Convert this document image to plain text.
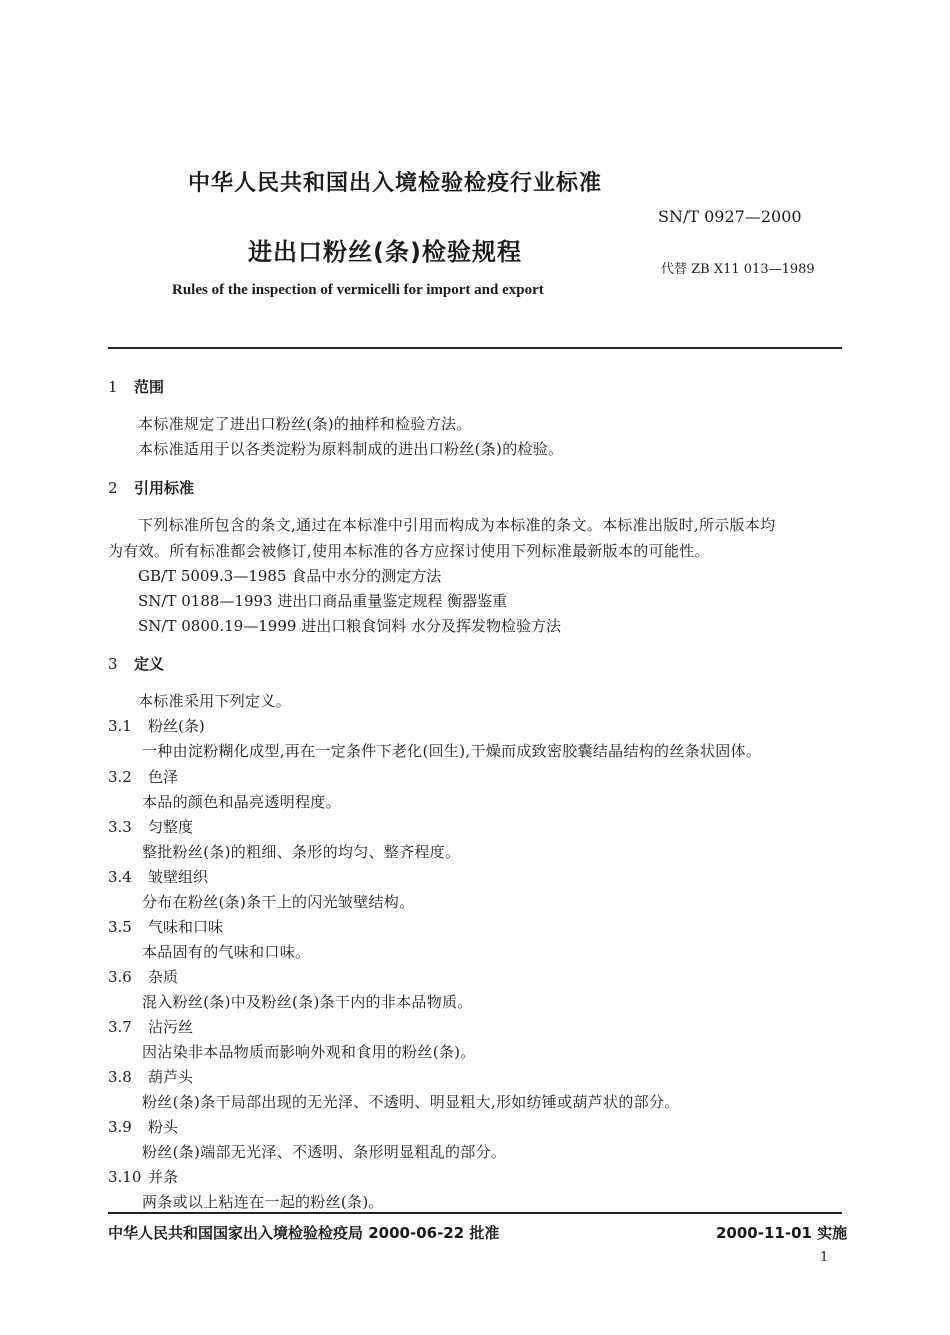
中华人民共和国出入境检验检疫行业标准
SN/T 0927—2000
进出口粉丝(条)检验规程
代替 ZB X11 013—1989
Rules of the inspection of vermicelli for import and export
1 范围
本标准规定了进出口粉丝(条)的抽样和检验方法。
本标准适用于以各类淀粉为原料制成的进出口粉丝(条)的检验。
2 引用标准
下列标准所包含的条文,通过在本标准中引用而构成为本标准的条文。本标准出版时,所示版本均
为有效。所有标准都会被修订,使用本标准的各方应探讨使用下列标准最新版本的可能性。
GB/T 5009.3—1985 食品中水分的测定方法
SN/T 0188—1993 进出口商品重量鉴定规程 衡器鉴重
SN/T 0800.19—1999 进出口粮食饲料 水分及挥发物检验方法
3 定义
本标准采用下列定义。
3.1 粉丝(条)
一种由淀粉糊化成型,再在一定条件下老化(回生),干燥而成致密胶囊结晶结构的丝条状固体。
3.2 色泽
本品的颜色和晶亮透明程度。
3.3 匀整度
整批粉丝(条)的粗细、条形的均匀、整齐程度。
3.4 皱壁组织
分布在粉丝(条)条干上的闪光皱壁结构。
3.5 气味和口味
本品固有的气味和口味。
3.6 杂质
混入粉丝(条)中及粉丝(条)条干内的非本品物质。
3.7 沾污丝
因沾染非本品物质而影响外观和食用的粉丝(条)。
3.8 葫芦头
粉丝(条)条干局部出现的无光泽、不透明、明显粗大,形如纺锤或葫芦状的部分。
3.9 粉头
粉丝(条)端部无光泽、不透明、条形明显粗乱的部分。
3.10 并条
两条或以上粘连在一起的粉丝(条)。
中华人民共和国国家出入境检验检疫局 2000-06-22 批准	2000-11-01 实施
1
